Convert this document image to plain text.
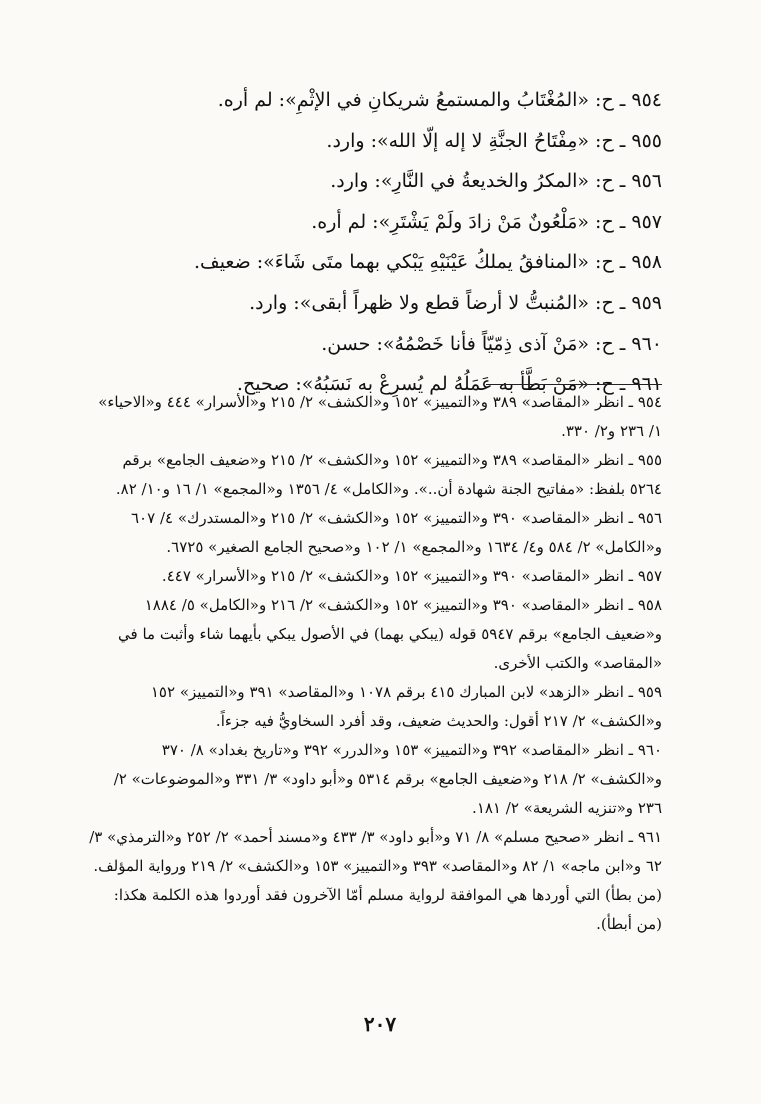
٩٥٤ ـ ح: «المُغْتَابُ والمستمعُ شريكانِ في الإثْمِ»: لم أره.
٩٥٥ ـ ح: «مِفْتَاحُ الجنَّةِ لا إله إلّا الله»: وارد.
٩٥٦ ـ ح: «المكرُ والخديعةُ في النَّارِ»: وارد.
٩٥٧ ـ ح: «مَلْعُونٌ مَنْ زادَ ولَمْ يَشْتَرِ»: لم أره.
٩٥٨ ـ ح: «المنافقُ يملكُ عَيْنَيْهِ يَبْكي بهما متَى شَاءَ»: ضعيف.
٩٥٩ ـ ح: «المُنبتُّ لا أرضاً قطع ولا ظهراً أبقى»: وارد.
٩٦٠ ـ ح: «مَنْ آذى ذِمّيّاً فأنا خَصْمُهُ»: حسن.
٩٦١ ـ ح: «مَنْ بَطَّأ به عَمَلُهُ لم يُسرِعْ به نَسَبُهُ»: صحيح.
٩٥٤ ـ انظر «المقاصد» ٣٨٩ و«التمييز» ١٥٢ و«الكشف» ٢/ ٢١٥ و«الأسرار» ٤٤٤ و«الاحياء» ١/ ٢٣٦ و٢/ ٣٣٠.
٩٥٥ ـ انظر «المقاصد» ٣٨٩ و«التمييز» ١٥٢ و«الكشف» ٢/ ٢١٥ و«ضعيف الجامع» برقم ٥٢٦٤ بلفظ: «مفاتيح الجنة شهادة أن..». و«الكامل» ٤/ ١٣٥٦ و«المجمع» ١/ ١٦ و١٠/ ٨٢.
٩٥٦ ـ انظر «المقاصد» ٣٩٠ و«التمييز» ١٥٢ و«الكشف» ٢/ ٢١٥ و«المستدرك» ٤/ ٦٠٧ و«الكامل» ٢/ ٥٨٤ و٤/ ١٦٣٤ و«المجمع» ١/ ١٠٢ و«صحيح الجامع الصغير» ٦٧٢٥.
٩٥٧ ـ انظر «المقاصد» ٣٩٠ و«التمييز» ١٥٢ و«الكشف» ٢/ ٢١٥ و«الأسرار» ٤٤٧.
٩٥٨ ـ انظر «المقاصد» ٣٩٠ و«التمييز» ١٥٢ و«الكشف» ٢/ ٢١٦ و«الكامل» ٥/ ١٨٨٤ و«ضعيف الجامع» برقم ٥٩٤٧ قوله (يبكي بهما) في الأصول يبكي بأيهما شاء وأثبت ما في «المقاصد» والكتب الأخرى.
٩٥٩ ـ انظر «الزهد» لابن المبارك ٤١٥ برقم ١٠٧٨ و«المقاصد» ٣٩١ و«التمييز» ١٥٢ و«الكشف» ٢/ ٢١٧ أقول: والحديث ضعيف، وقد أفرد السخاويُّ فيه جزءاً.
٩٦٠ ـ انظر «المقاصد» ٣٩٢ و«التمييز» ١٥٣ و«الدرر» ٣٩٢ و«تاريخ بغداد» ٨/ ٣٧٠ و«الكشف» ٢/ ٢١٨ و«ضعيف الجامع» برقم ٥٣١٤ و«أبو داود» ٣/ ٣٣١ و«الموضوعات» ٢/ ٢٣٦ و«تنزيه الشريعة» ٢/ ١٨١.
٩٦١ ـ انظر «صحيح مسلم» ٨/ ٧١ و«أبو داود» ٣/ ٤٣٣ و«مسند أحمد» ٢/ ٢٥٢ و«الترمذي» ٣/ ٦٢ و«ابن ماجه» ١/ ٨٢ و«المقاصد» ٣٩٣ و«التمييز» ١٥٣ و«الكشف» ٢/ ٢١٩ ورواية المؤلف. (من بطأ) التي أوردها هي الموافقة لرواية مسلم أمّا الآخرون فقد أوردوا هذه الكلمة هكذا: (من أبطأ).
٢٠٧
